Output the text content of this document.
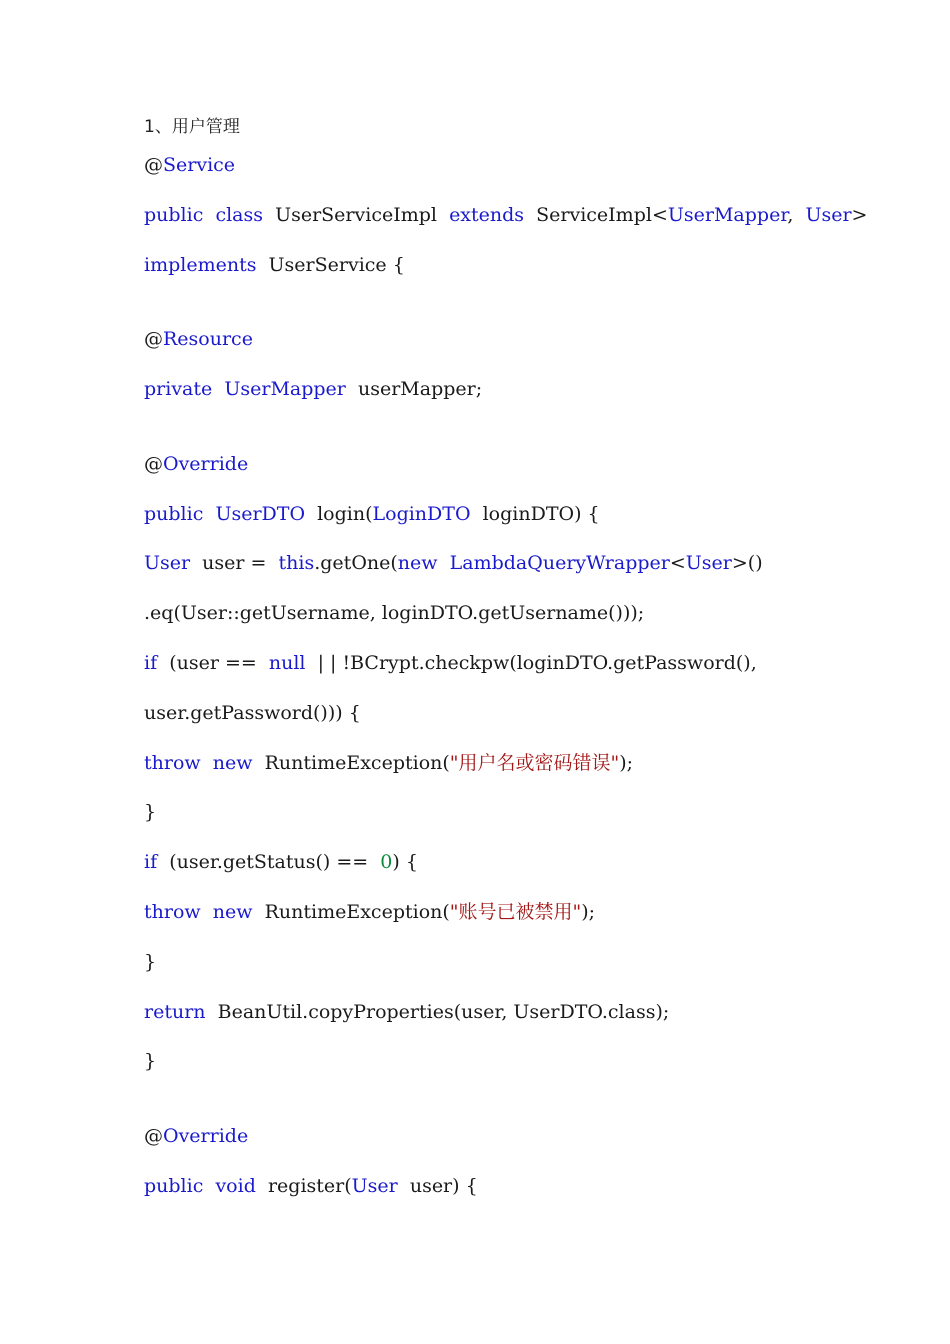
1、用户管理
@Service
public class  UserServiceImpl  extends  ServiceImpl<UserMapper,  User>
implements  UserService {
@Resource
private UserMapper  userMapper;
@Override
public UserDTO  login(LoginDTO  loginDTO) {
User  user =  this.getOne(new LambdaQueryWrapper<User>()
.eq(User::getUsername, loginDTO.getUsername()));
if  (user ==  null  | | !BCrypt.checkpw(loginDTO.getPassword(),
user.getPassword())) {
throw new  RuntimeException("用户名或密码错误");
}
if  (user.getStatus() ==  0) {
throw new  RuntimeException("账号已被禁用");
}
return  BeanUtil.copyProperties(user, UserDTO.class);
}
@Override
public void  register(User  user) {
